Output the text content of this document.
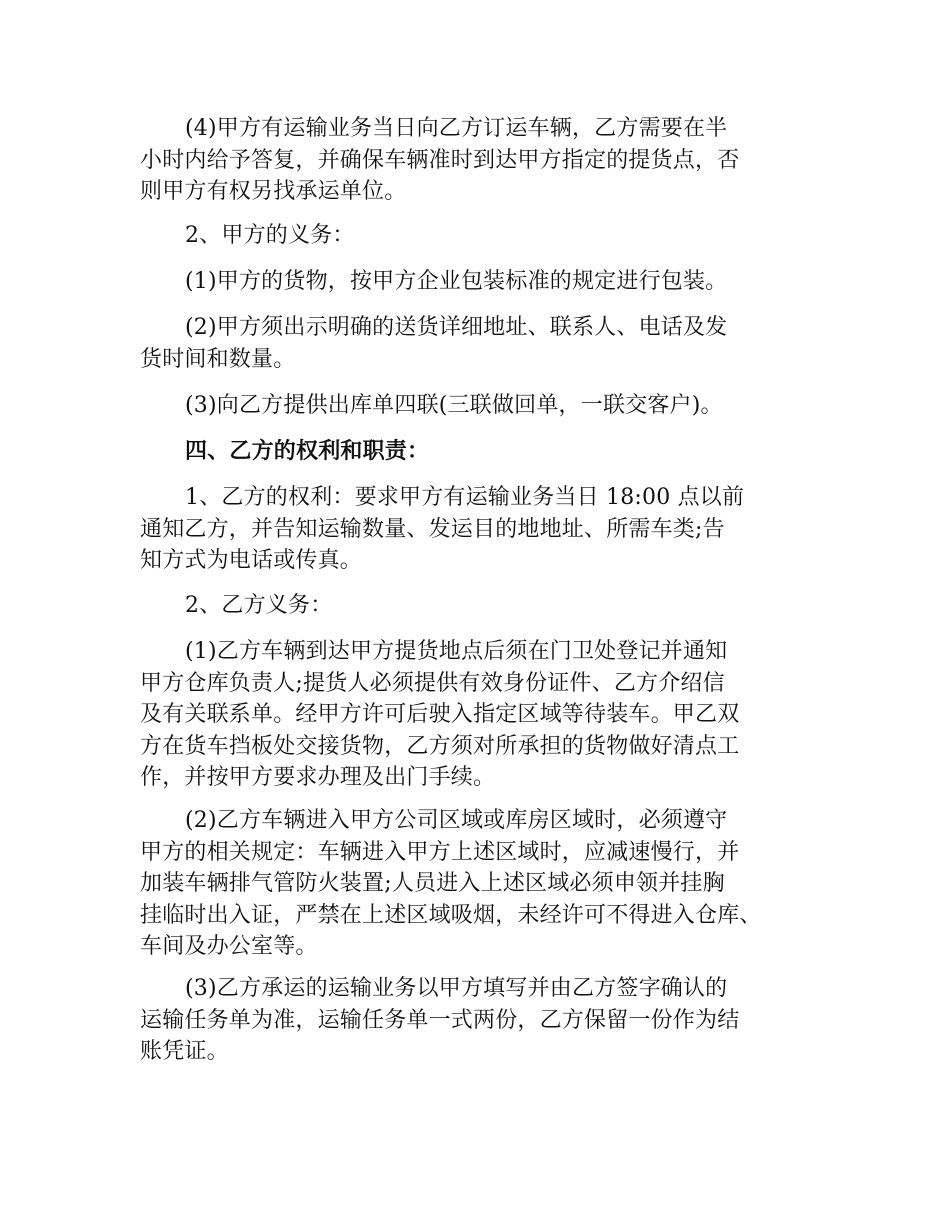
(4)甲方有运输业务当日向乙方订运车辆，乙方需要在半
小时内给予答复，并确保车辆准时到达甲方指定的提货点，否
则甲方有权另找承运单位。
2、甲方的义务：
(1)甲方的货物，按甲方企业包装标准的规定进行包装。
(2)甲方须出示明确的送货详细地址、联系人、电话及发
货时间和数量。
(3)向乙方提供出库单四联(三联做回单，一联交客户)。
四、乙方的权利和职责：
1、乙方的权利：要求甲方有运输业务当日 18:00 点以前
通知乙方，并告知运输数量、发运目的地地址、所需车类;告
知方式为电话或传真。
2、乙方义务：
(1)乙方车辆到达甲方提货地点后须在门卫处登记并通知
甲方仓库负责人;提货人必须提供有效身份证件、乙方介绍信
及有关联系单。经甲方许可后驶入指定区域等待装车。甲乙双
方在货车挡板处交接货物，乙方须对所承担的货物做好清点工
作，并按甲方要求办理及出门手续。
(2)乙方车辆进入甲方公司区域或库房区域时，必须遵守
甲方的相关规定：车辆进入甲方上述区域时，应减速慢行，并
加装车辆排气管防火装置;人员进入上述区域必须申领并挂胸
挂临时出入证，严禁在上述区域吸烟，未经许可不得进入仓库、
车间及办公室等。
(3)乙方承运的运输业务以甲方填写并由乙方签字确认的
运输任务单为准，运输任务单一式两份，乙方保留一份作为结
账凭证。
